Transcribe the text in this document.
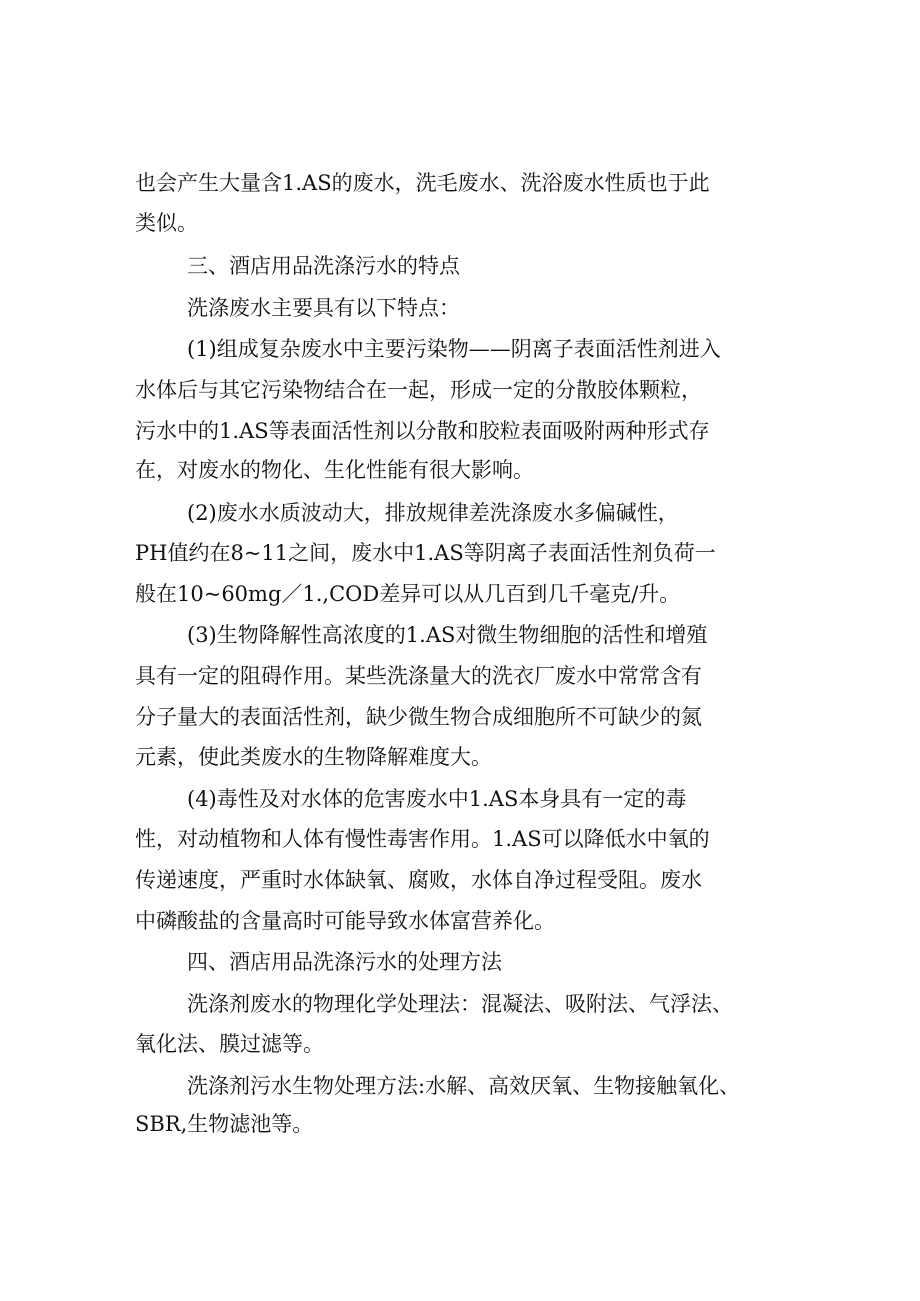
也会产生大量含1.AS的废水，洗毛废水、洗浴废水性质也于此
类似。
三、酒店用品洗涤污水的特点
洗涤废水主要具有以下特点：
(1)组成复杂废水中主要污染物——阴离子表面活性剂进入
水体后与其它污染物结合在一起，形成一定的分散胶体颗粒，
污水中的1.AS等表面活性剂以分散和胶粒表面吸附两种形式存
在，对废水的物化、生化性能有很大影响。
(2)废水水质波动大，排放规律差洗涤废水多偏碱性，
PH值约在8~11之间，废水中1.AS等阴离子表面活性剂负荷一
般在10~60mg／1.,COD差异可以从几百到几千毫克/升。
(3)生物降解性高浓度的1.AS对微生物细胞的活性和增殖
具有一定的阻碍作用。某些洗涤量大的洗衣厂废水中常常含有
分子量大的表面活性剂，缺少微生物合成细胞所不可缺少的氮
元素，使此类废水的生物降解难度大。
(4)毒性及对水体的危害废水中1.AS本身具有一定的毒
性，对动植物和人体有慢性毒害作用。1.AS可以降低水中氧的
传递速度，严重时水体缺氧、腐败，水体自净过程受阻。废水
中磷酸盐的含量高时可能导致水体富营养化。
四、酒店用品洗涤污水的处理方法
洗涤剂废水的物理化学处理法：混凝法、吸附法、气浮法、
氧化法、膜过滤等。
洗涤剂污水生物处理方法:水解、高效厌氧、生物接触氧化、
SBR,生物滤池等。
